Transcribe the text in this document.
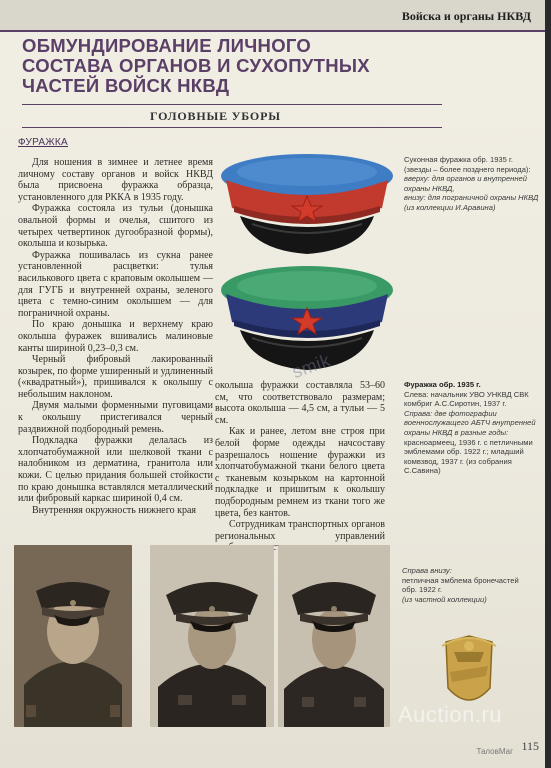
Войска и органы НКВД
ОБМУНДИРОВАНИЕ ЛИЧНОГО
СОСТАВА ОРГАНОВ И СУХОПУТНЫХ
ЧАСТЕЙ ВОЙСК НКВД
ГОЛОВНЫЕ УБОРЫ
ФУРАЖКА

Для ношения в зимнее и летнее время личному составу органов и войск НКВД была присвоена фуражка образца, установленного для РККА в 1935 году.

Фуражка состояла из тульи (донышка овальной формы и очелья, сшитого из четырех четвертинок дугообразной формы), околыша и козырька.

Фуражка пошивалась из сукна ранее установленной расцветки: тулья василькового цвета с краповым околышем — для ГУГБ и внутренней охраны, зеленого цвета с темно-синим околышем — для пограничной охраны.

По краю донышка и верхнему краю околыша фуражек вшивались малиновые канты шириной 0,23–0,3 см.

Черный фибровый лакированный козырек, по форме уширенный и удлиненный («квадратный»), пришивался к околышу с небольшим наклоном.

Двумя малыми форменными пуговицами к околышу пристегивался черный раздвижной подбородный ремень.

Подкладка фуражки делалась из хлопчатобумажной или шелковой ткани с налобником из дерматина, гранитола или кожи. С целью придания большей стойкости по краю донышка вставлялся металлический или фибровый каркас шириной 0,4 см.

Внутренняя окружность нижнего края

околыша фуражки составляла 53–60 см, что соответствовало размерам; высота околыша — 4,5 см, а тульи — 5 см.

Как и ранее, летом вне строя при белой форме одежды начсоставу разрешалось ношение фуражки из хлопчатобумажной ткани белого цвета с тканевым козырьком на картонной подкладке и пришитым к околышу подбородным ремнем из ткани того же цвета, без кантов.

Сотрудникам транспортных органов региональных управлений

Суконная фуражка обр. 1935 г. (звезды – более позднего периода):
вверху: для органов и внутренней охраны НКВД,
внизу: для пограничной охраны НКВД (из коллекции И.Аравина)
Фуражка обр. 1935 г.
Слева: начальник УВО УНКВД СВК комбриг А.С.Сиротин, 1937 г.
Справа: две фотографии военнослужащего АБТЧ внутренней охраны НКВД в разные годы:
красноармеец, 1936 г. с петличными эмблемами обр. 1922 г.; младший комвзвод, 1937 г. (из собрания С.Савина)
Справа внизу:
петличная эмблема бронечастей обр. 1922 г.
(из частной коллекции)
Auction.ru
smik
ТаловМаг 115
